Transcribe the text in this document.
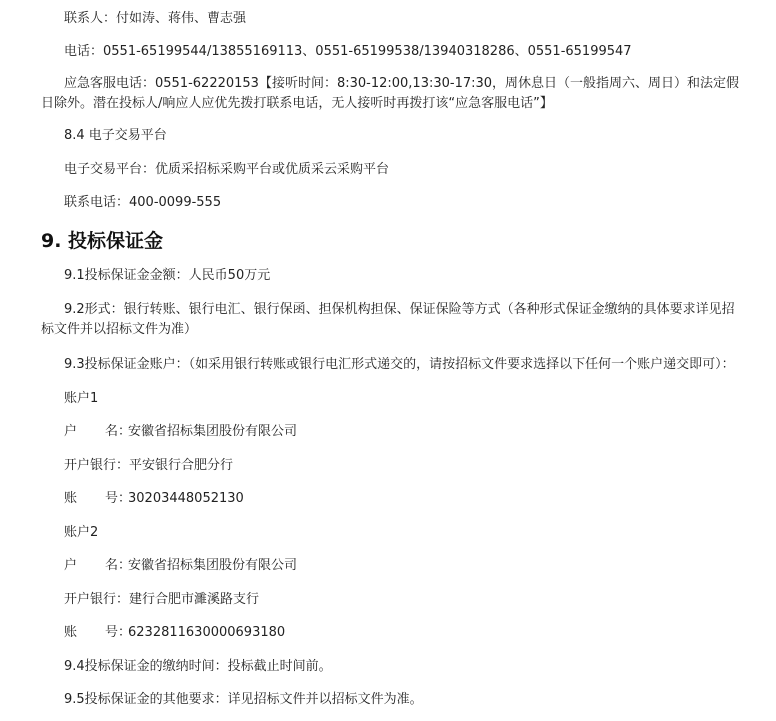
联系人：付如涛、蒋伟、曹志强

电话：0551-65199544/13855169113、0551-65199538/13940318286、0551-65199547

应急客服电话：0551-62220153【接听时间：8:30-12:00,13:30-17:30，周休息日（一般指周六、周日）和法定假日除外。潜在投标人/响应人应优先拨打联系电话，无人接听时再拨打该“应急客服电话”】

8.4 电子交易平台

电子交易平台：优质采招标采购平台或优质采云采购平台

联系电话：400-0099-555

9. 投标保证金

9.1投标保证金金额：人民币50万元

9.2形式：银行转账、银行电汇、银行保函、担保机构担保、保证保险等方式（各种形式保证金缴纳的具体要求详见招标文件并以招标文件为准）

9.3投标保证金账户：（如采用银行转账或银行电汇形式递交的，请按招标文件要求选择以下任何一个账户递交即可）：

账户1

户 名：安徽省招标集团股份有限公司

开户银行：平安银行合肥分行

账 号：30203448052130

账户2

户 名：安徽省招标集团股份有限公司

开户银行：建行合肥市濉溪路支行

账 号：6232811630000693180

9.4投标保证金的缴纳时间：投标截止时间前。

9.5投标保证金的其他要求：详见招标文件并以招标文件为准。
